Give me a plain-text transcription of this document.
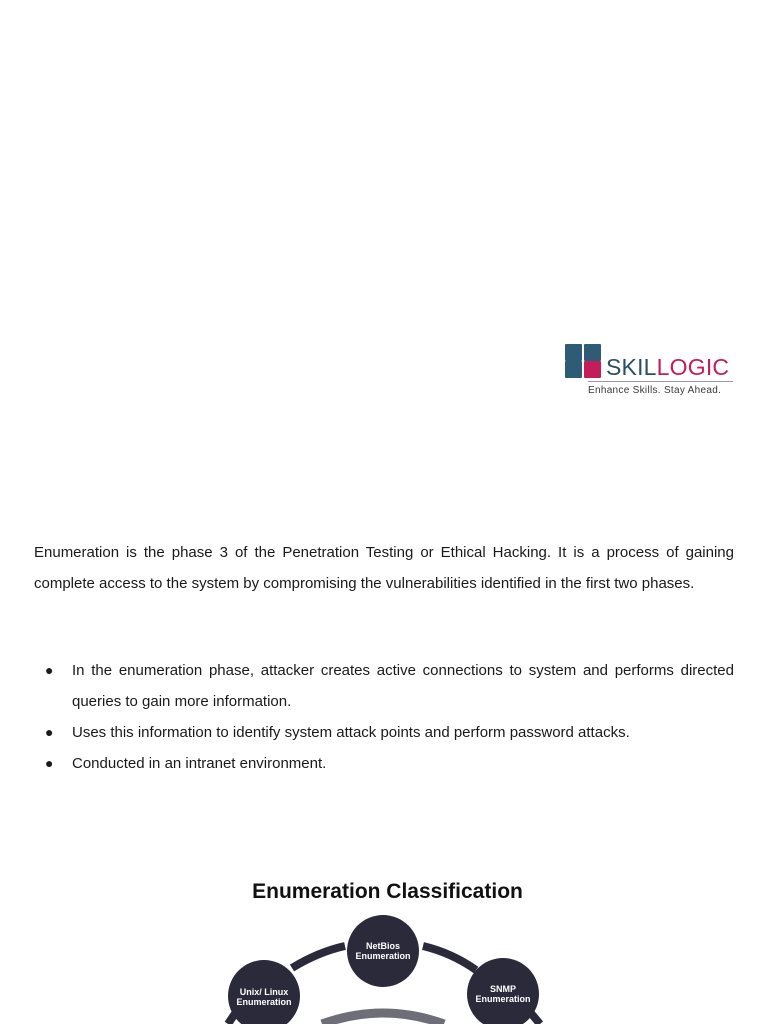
SKILLOGIC
Enhance Skills. Stay Ahead.

Enumeration is the phase 3 of the Penetration Testing or Ethical Hacking. It is a process of gaining complete access to the system by compromising the vulnerabilities identified in the first two phases.

● In the enumeration phase, attacker creates active connections to system and performs directed queries to gain more information.
● Uses this information to identify system attack points and perform password attacks.
● Conducted in an intranet environment.
Enumeration Classification
NetBios
Enumeration
SNMP
Enumeration
Unix/ Linux
Enumeration
